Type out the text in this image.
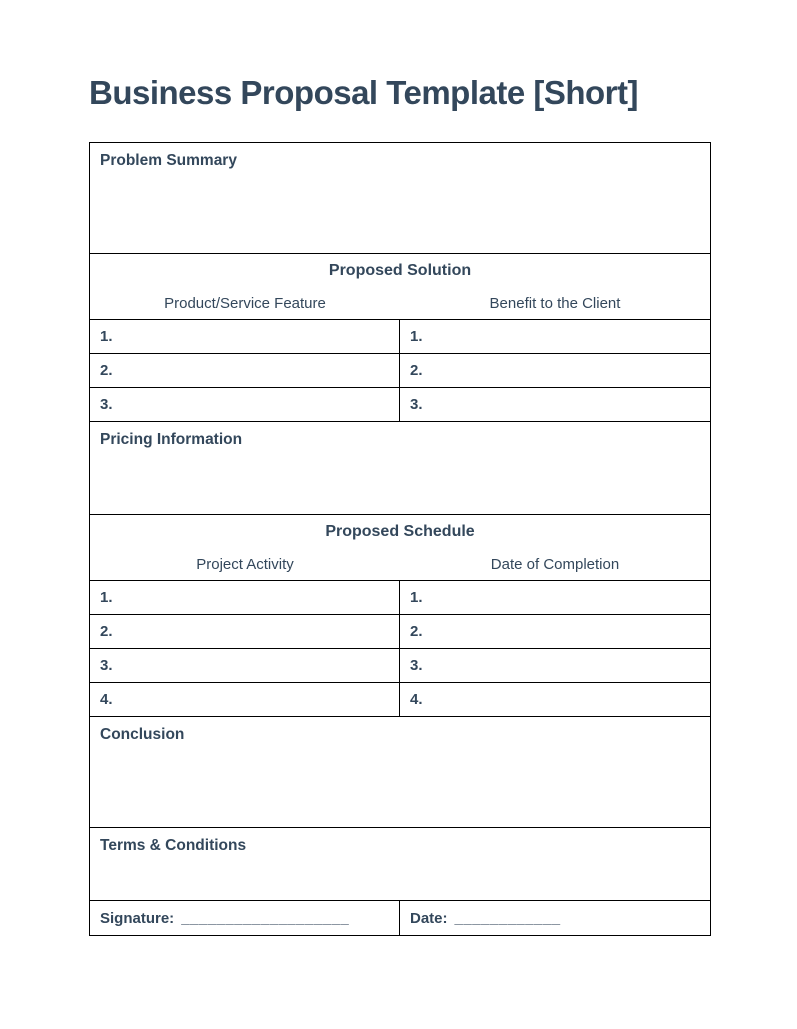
Business Proposal Template [Short]
Problem Summary
Proposed Solution
Product/Service Feature	Benefit to the Client
1.	1.
2.	2.
3.	3.
Pricing Information
Proposed Schedule
Project Activity	Date of Completion
1.	1.
2.	2.
3.	3.
4.	4.
Conclusion
Terms & Conditions
Signature: ___________________	Date: ____________
